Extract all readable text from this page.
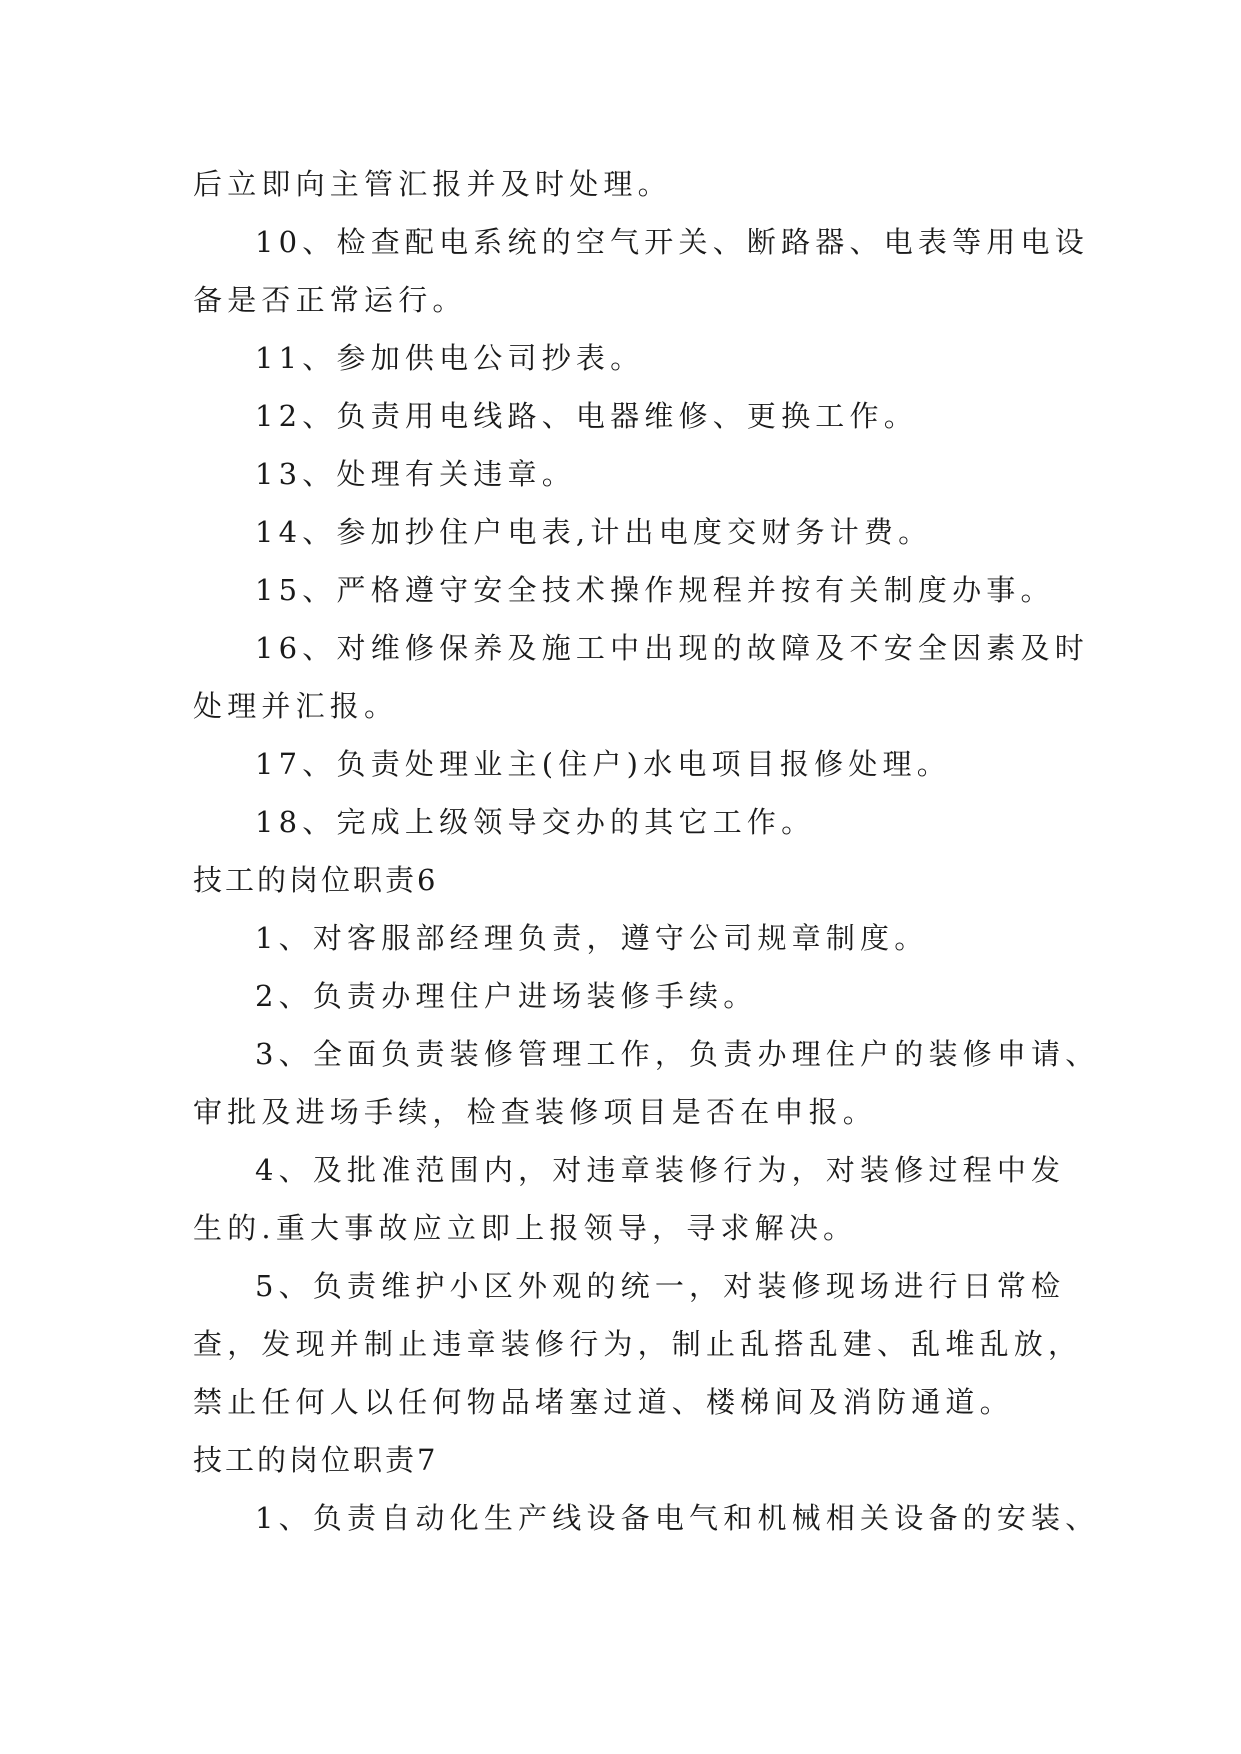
后立即向主管汇报并及时处理。
10、检查配电系统的空气开关、断路器、电表等用电设
备是否正常运行。
11、参加供电公司抄表。
12、负责用电线路、电器维修、更换工作。
13、处理有关违章。
14、参加抄住户电表,计出电度交财务计费。
15、严格遵守安全技术操作规程并按有关制度办事。
16、对维修保养及施工中出现的故障及不安全因素及时
处理并汇报。
17、负责处理业主(住户)水电项目报修处理。
18、完成上级领导交办的其它工作。
技工的岗位职责6
1、对客服部经理负责，遵守公司规章制度。
2、负责办理住户进场装修手续。
3、全面负责装修管理工作，负责办理住户的装修申请、
审批及进场手续，检查装修项目是否在申报。
4、及批准范围内，对违章装修行为，对装修过程中发
生的.重大事故应立即上报领导，寻求解决。
5、负责维护小区外观的统一，对装修现场进行日常检
查，发现并制止违章装修行为，制止乱搭乱建、乱堆乱放，
禁止任何人以任何物品堵塞过道、楼梯间及消防通道。
技工的岗位职责7
1、负责自动化生产线设备电气和机械相关设备的安装、
